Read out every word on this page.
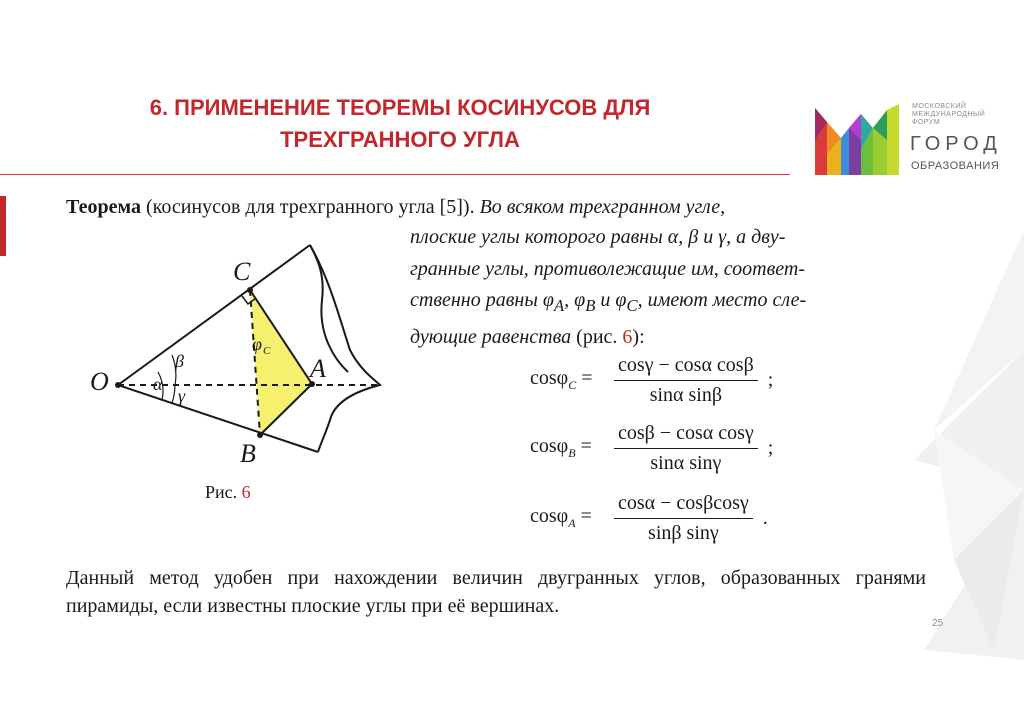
6. ПРИМЕНЕНИЕ ТЕОРЕМЫ КОСИНУСОВ ДЛЯ
ТРЕХГРАННОГО УГЛА
МОСКОВСКИЙ
МЕЖДУНАРОДНЫЙ
ФОРУМ
ГОРОД
ОБРАЗОВАНИЯ
Теорема (косинусов для трехгранного угла [5]). Во всяком трехгранном угле,
плоские углы которого равны α, β и γ, а дву-
гранные углы, противолежащие им, соответ-
ственно равны $\varphi_A$, $\varphi_B$ и $\varphi_C$, имеют место сле-
дующие равенства (рис. 6):
O
C
A
B
α
β
γ
φ C
Рис. 6
cosφ$_C$ =	$\frac{\text{cosγ − cosα cosβ}}{\text{sinα sinβ}}$ ;
cosφ$_B$ =	$\frac{\text{cosβ − cosα cosγ}}{\text{sinα sinγ}}$ ;
cosφ$_A$ =	$\frac{\cos\alpha - \cos\beta\cos\gamma}{\text{sinβ sinγ}}$ .
Данный метод удобен при нахождении величин двугранных углов, образованных гранями пирамиды, если известны плоские углы при её вершинах.
25
